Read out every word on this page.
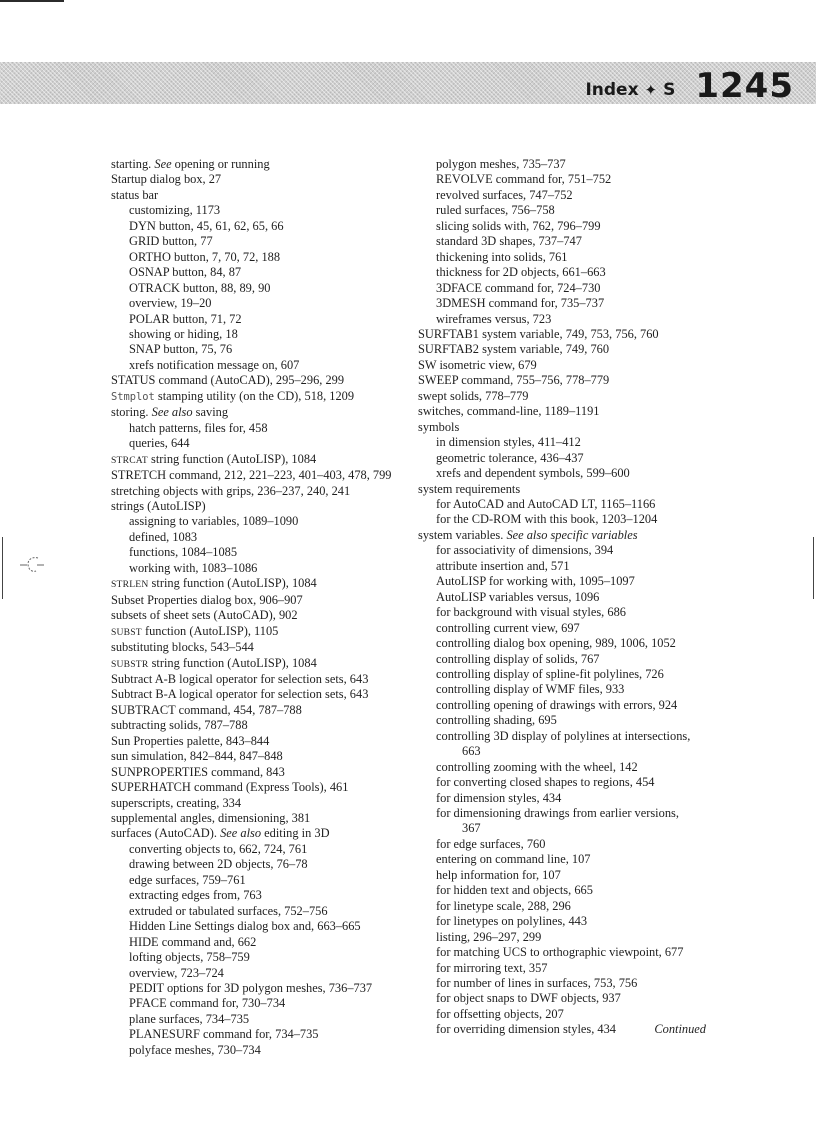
Index ✦ S 1245
starting. See opening or running
Startup dialog box, 27
status bar
customizing, 1173
DYN button, 45, 61, 62, 65, 66
GRID button, 77
ORTHO button, 7, 70, 72, 188
OSNAP button, 84, 87
OTRACK button, 88, 89, 90
overview, 19–20
POLAR button, 71, 72
showing or hiding, 18
SNAP button, 75, 76
xrefs notification message on, 607
STATUS command (AutoCAD), 295–296, 299
Stmplot stamping utility (on the CD), 518, 1209
storing. See also saving
hatch patterns, files for, 458
queries, 644
STRCAT string function (AutoLISP), 1084
STRETCH command, 212, 221–223, 401–403, 478, 799
stretching objects with grips, 236–237, 240, 241
strings (AutoLISP)
assigning to variables, 1089–1090
defined, 1083
functions, 1084–1085
working with, 1083–1086
STRLEN string function (AutoLISP), 1084
Subset Properties dialog box, 906–907
subsets of sheet sets (AutoCAD), 902
SUBST function (AutoLISP), 1105
substituting blocks, 543–544
SUBSTR string function (AutoLISP), 1084
Subtract A-B logical operator for selection sets, 643
Subtract B-A logical operator for selection sets, 643
SUBTRACT command, 454, 787–788
subtracting solids, 787–788
Sun Properties palette, 843–844
sun simulation, 842–844, 847–848
SUNPROPERTIES command, 843
SUPERHATCH command (Express Tools), 461
superscripts, creating, 334
supplemental angles, dimensioning, 381
surfaces (AutoCAD). See also editing in 3D
converting objects to, 662, 724, 761
drawing between 2D objects, 76–78
edge surfaces, 759–761
extracting edges from, 763
extruded or tabulated surfaces, 752–756
Hidden Line Settings dialog box and, 663–665
HIDE command and, 662
lofting objects, 758–759
overview, 723–724
PEDIT options for 3D polygon meshes, 736–737
PFACE command for, 730–734
plane surfaces, 734–735
PLANESURF command for, 734–735
polyface meshes, 730–734
polygon meshes, 735–737
REVOLVE command for, 751–752
revolved surfaces, 747–752
ruled surfaces, 756–758
slicing solids with, 762, 796–799
standard 3D shapes, 737–747
thickening into solids, 761
thickness for 2D objects, 661–663
3DFACE command for, 724–730
3DMESH command for, 735–737
wireframes versus, 723
SURFTAB1 system variable, 749, 753, 756, 760
SURFTAB2 system variable, 749, 760
SW isometric view, 679
SWEEP command, 755–756, 778–779
swept solids, 778–779
switches, command-line, 1189–1191
symbols
in dimension styles, 411–412
geometric tolerance, 436–437
xrefs and dependent symbols, 599–600
system requirements
for AutoCAD and AutoCAD LT, 1165–1166
for the CD-ROM with this book, 1203–1204
system variables. See also specific variables
for associativity of dimensions, 394
attribute insertion and, 571
AutoLISP for working with, 1095–1097
AutoLISP variables versus, 1096
for background with visual styles, 686
controlling current view, 697
controlling dialog box opening, 989, 1006, 1052
controlling display of solids, 767
controlling display of spline-fit polylines, 726
controlling display of WMF files, 933
controlling opening of drawings with errors, 924
controlling shading, 695
controlling 3D display of polylines at intersections,
663
controlling zooming with the wheel, 142
for converting closed shapes to regions, 454
for dimension styles, 434
for dimensioning drawings from earlier versions,
367
for edge surfaces, 760
entering on command line, 107
help information for, 107
for hidden text and objects, 665
for linetype scale, 288, 296
for linetypes on polylines, 443
listing, 296–297, 299
for matching UCS to orthographic viewpoint, 677
for mirroring text, 357
for number of lines in surfaces, 753, 756
for object snaps to DWF objects, 937
for offsetting objects, 207
for overriding dimension styles, 434	Continued
